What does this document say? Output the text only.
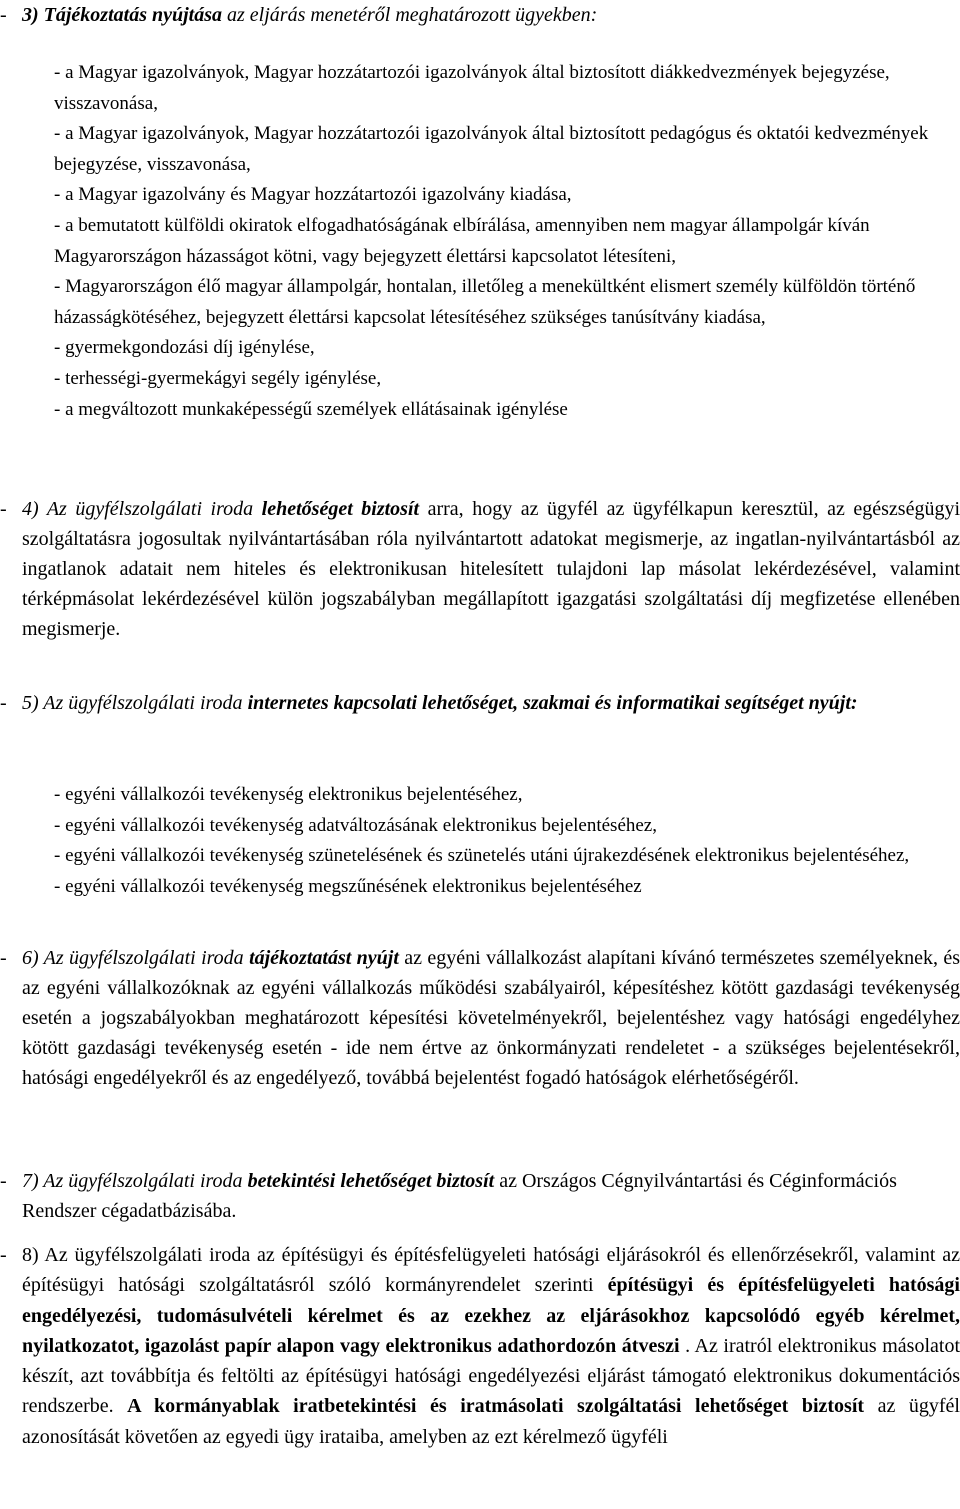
- 3) Tájékoztatás nyújtása az eljárás menetéről meghatározott ügyekben:

- a Magyar igazolványok, Magyar hozzátartozói igazolványok által biztosított diákkedvezmények bejegyzése, visszavonása,

- a Magyar igazolványok, Magyar hozzátartozói igazolványok által biztosított pedagógus és oktatói kedvezmények bejegyzése, visszavonása,

- a Magyar igazolvány és Magyar hozzátartozói igazolvány kiadása,

- a bemutatott külföldi okiratok elfogadhatóságának elbírálása, amennyiben nem magyar állampolgár kíván Magyarországon házasságot kötni, vagy bejegyzett élettársi kapcsolatot létesíteni,

- Magyarországon élő magyar állampolgár, hontalan, illetőleg a menekültként elismert személy külföldön történő házasságkötéséhez, bejegyzett élettársi kapcsolat létesítéséhez szükséges tanúsítvány kiadása,

- gyermekgondozási díj igénylése,

- terhességi-gyermekágyi segély igénylése,

- a megváltozott munkaképességű személyek ellátásainak igénylése

- 4) Az ügyfélszolgálati iroda lehetőséget biztosít arra, hogy az ügyfél az ügyfélkapun keresztül, az egészségügyi szolgáltatásra jogosultak nyilvántartásában róla nyilvántartott adatokat megismerje, az ingatlan-nyilvántartásból az ingatlanok adatait nem hiteles és elektronikusan hitelesített tulajdoni lap másolat lekérdezésével, valamint térképmásolat lekérdezésével külön jogszabályban megállapított igazgatási szolgáltatási díj megfizetése ellenében megismerje.
- 5) Az ügyfélszolgálati iroda internetes kapcsolati lehetőséget, szakmai és informatikai segítséget nyújt:

- egyéni vállalkozói tevékenység elektronikus bejelentéséhez,

- egyéni vállalkozói tevékenység adatváltozásának elektronikus bejelentéséhez,

- egyéni vállalkozói tevékenység szünetelésének és szünetelés utáni újrakezdésének elektronikus bejelentéséhez,

- egyéni vállalkozói tevékenység megszűnésének elektronikus bejelentéséhez

- 6) Az ügyfélszolgálati iroda tájékoztatást nyújt az egyéni vállalkozást alapítani kívánó természetes személyeknek, és az egyéni vállalkozóknak az egyéni vállalkozás működési szabályairól, képesítéshez kötött gazdasági tevékenység esetén a jogszabályokban meghatározott képesítési követelményekről, bejelentéshez vagy hatósági engedélyhez kötött gazdasági tevékenység esetén - ide nem értve az önkormányzati rendeletet - a szükséges bejelentésekről, hatósági engedélyekről és az engedélyező, továbbá bejelentést fogadó hatóságok elérhetőségéről.
- 7) Az ügyfélszolgálati iroda betekintési lehetőséget biztosít az Országos Cégnyilvántartási és Céginformációs Rendszer cégadatbázisába.
- 8) Az ügyfélszolgálati iroda az építésügyi és építésfelügyeleti hatósági eljárásokról és ellenőrzésekről, valamint az építésügyi hatósági szolgáltatásról szóló kormányrendelet szerinti építésügyi és építésfelügyeleti hatósági engedélyezési, tudomásulvételi kérelmet és az ezekhez az eljárásokhoz kapcsolódó egyéb kérelmet, nyilatkozatot, igazolást papír alapon vagy elektronikus adathordozón átveszi . Az iratról elektronikus másolatot készít, azt továbbítja és feltölti az építésügyi hatósági engedélyezési eljárást támogató elektronikus dokumentációs rendszerbe. A kormányablak iratbetekintési és iratmásolati szolgáltatási lehetőséget biztosít az ügyfél azonosítását követően az egyedi ügy irataiba, amelyben az ezt kérelmező ügyféli
